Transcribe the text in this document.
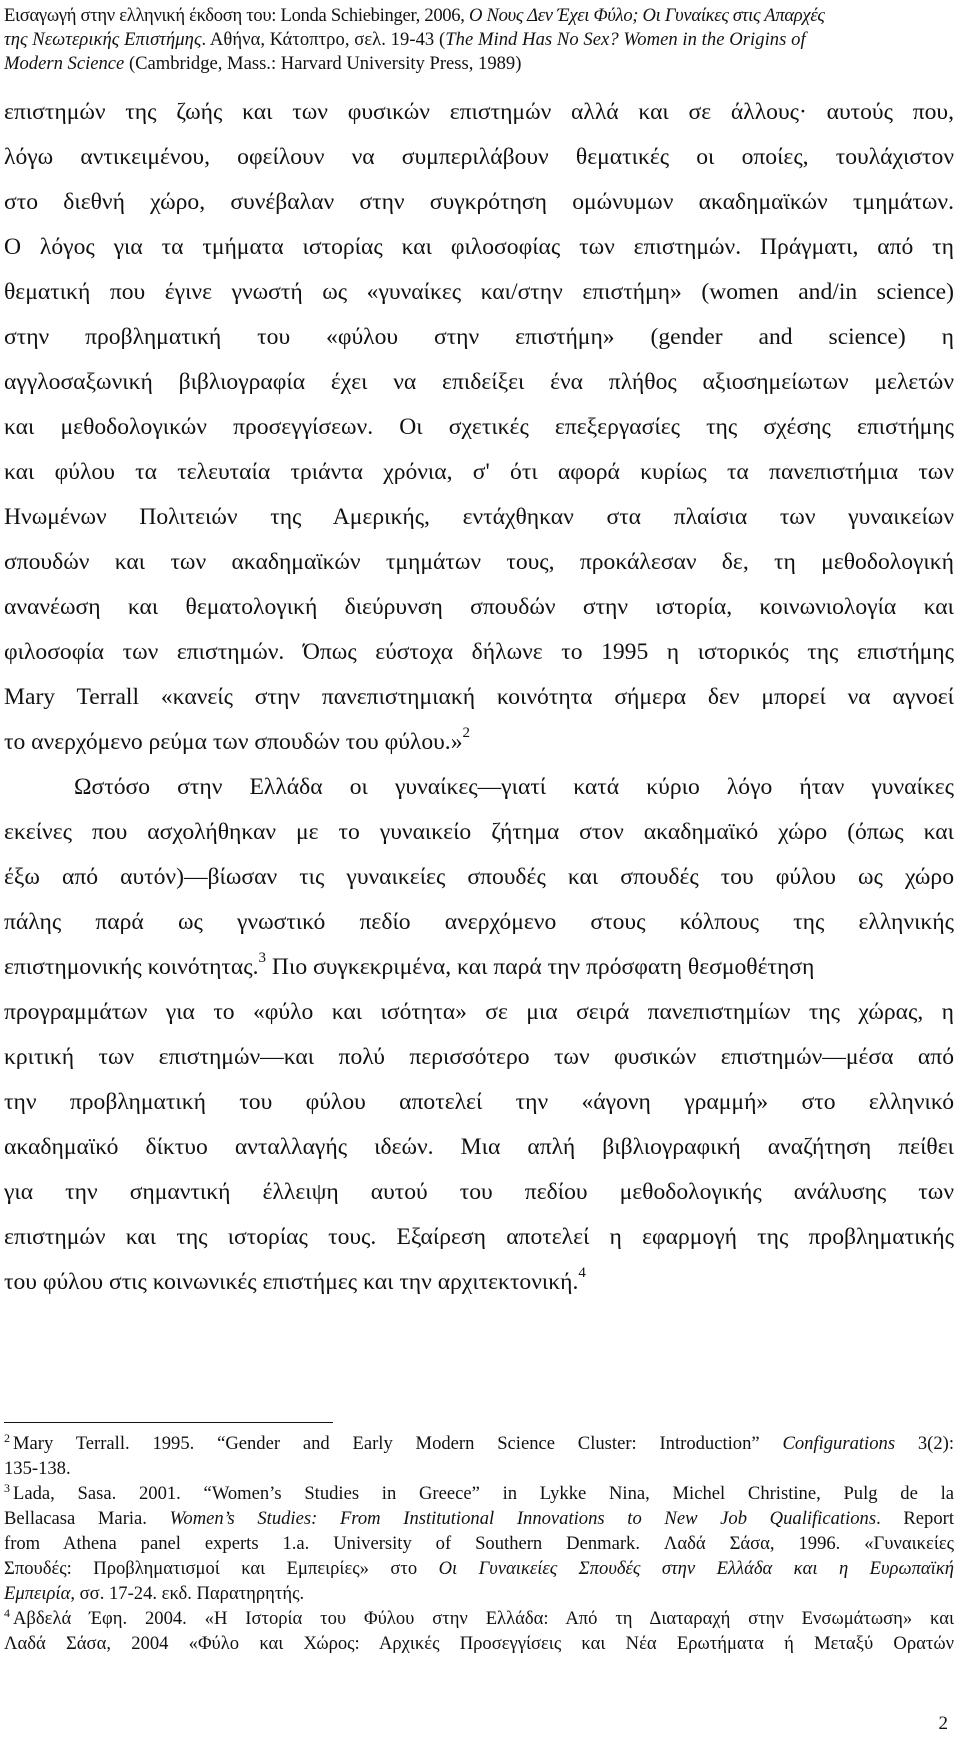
Εισαγωγή στην ελληνική έκδοση του: Londa Schiebinger, 2006, Ο Νους Δεν Έχει Φύλο; Οι Γυναίκες στις Απαρχές
της Νεωτερικής Επιστήμης. Αθήνα, Κάτοπτρο, σελ. 19-43 (The Mind Has No Sex? Women in the Origins of
Modern Science (Cambridge, Mass.: Harvard University Press, 1989)
επιστημών της ζωής και των φυσικών επιστημών αλλά και σε άλλους· αυτούς που,
λόγω αντικειμένου, οφείλουν να συμπεριλάβουν θεματικές οι οποίες, τουλάχιστον
στο διεθνή χώρο, συνέβαλαν στην συγκρότηση ομώνυμων ακαδημαϊκών τμημάτων.
Ο λόγος για τα τμήματα ιστορίας και φιλοσοφίας των επιστημών. Πράγματι, από τη
θεματική που έγινε γνωστή ως «γυναίκες και/στην επιστήμη» (women and/in science)
στην προβληματική του «φύλου στην επιστήμη» (gender and science) η
αγγλοσαξωνική βιβλιογραφία έχει να επιδείξει ένα πλήθος αξιοσημείωτων μελετών
και μεθοδολογικών προσεγγίσεων. Οι σχετικές επεξεργασίες της σχέσης επιστήμης
και φύλου τα τελευταία τριάντα χρόνια, σ' ότι αφορά κυρίως τα πανεπιστήμια των
Ηνωμένων Πολιτειών της Αμερικής, εντάχθηκαν στα πλαίσια των γυναικείων
σπουδών και των ακαδημαϊκών τμημάτων τους, προκάλεσαν δε, τη μεθοδολογική
ανανέωση και θεματολογική διεύρυνση σπουδών στην ιστορία, κοινωνιολογία και
φιλοσοφία των επιστημών. Όπως εύστοχα δήλωνε το 1995 η ιστορικός της επιστήμης
Mary Terrall «κανείς στην πανεπιστημιακή κοινότητα σήμερα δεν μπορεί να αγνοεί
το ανερχόμενο ρεύμα των σπουδών του φύλου.»$^2$
Ωστόσο στην Ελλάδα οι γυναίκες—γιατί κατά κύριο λόγο ήταν γυναίκες
εκείνες που ασχολήθηκαν με το γυναικείο ζήτημα στον ακαδημαϊκό χώρο (όπως και
έξω από αυτόν)—βίωσαν τις γυναικείες σπουδές και σπουδές του φύλου ως χώρο
πάλης παρά ως γνωστικό πεδίο ανερχόμενο στους κόλπους της ελληνικής
επιστημονικής κοινότητας.$^3$ Πιο συγκεκριμένα, και παρά την πρόσφατη θεσμοθέτηση
προγραμμάτων για το «φύλο και ισότητα» σε μια σειρά πανεπιστημίων της χώρας, η
κριτική των επιστημών—και πολύ περισσότερο των φυσικών επιστημών—μέσα από
την προβληματική του φύλου αποτελεί την «άγονη γραμμή» στο ελληνικό
ακαδημαϊκό δίκτυο ανταλλαγής ιδεών. Μια απλή βιβλιογραφική αναζήτηση πείθει
για την σημαντική έλλειψη αυτού του πεδίου μεθοδολογικής ανάλυσης των
επιστημών και της ιστορίας τους. Εξαίρεση αποτελεί η εφαρμογή της προβληματικής
του φύλου στις κοινωνικές επιστήμες και την αρχιτεκτονική.$^4$
$^2$ Mary Terrall. 1995. “Gender and Early Modern Science Cluster: Introduction” Configurations 3(2):
135-138.
$^3$ Lada, Sasa. 2001. “Women’s Studies in Greece” in Lykke Nina, Michel Christine, Pulg de la
Bellacasa Maria. Women’s Studies: From Institutional Innovations to New Job Qualifications. Report
from Athena panel experts 1.a. University of Southern Denmark. Λαδά Σάσα, 1996. «Γυναικείες
Σπουδές: Προβληματισμοί και Εμπειρίες» στο Οι Γυναικείες Σπουδές στην Ελλάδα και η Ευρωπαϊκή
Εμπειρία, σσ. 17-24. εκδ. Παρατηρητής.
$^4$ Αβδελά Έφη. 2004. «Η Ιστορία του Φύλου στην Ελλάδα: Από τη Διαταραχή στην Ενσωμάτωση» και
Λαδά Σάσα, 2004 «Φύλο και Χώρος: Αρχικές Προσεγγίσεις και Νέα Ερωτήματα ή Μεταξύ Ορατών
2
